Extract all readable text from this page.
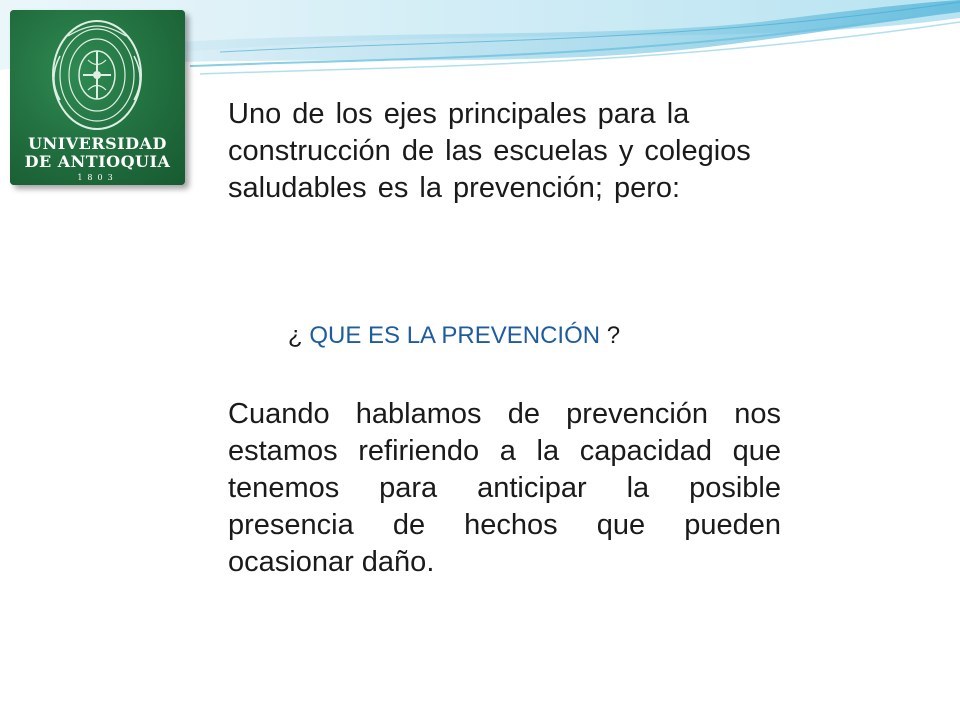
UNIVERSIDAD
DE ANTIOQUIA
1803

Uno de los ejes principales para la construcción de las escuelas y colegios saludables es la prevención; pero:

¿ QUE ES LA PREVENCIÓN ?

Cuando hablamos de prevención nos estamos refiriendo a la capacidad que tenemos para anticipar la posible presencia de hechos que pueden ocasionar daño.
